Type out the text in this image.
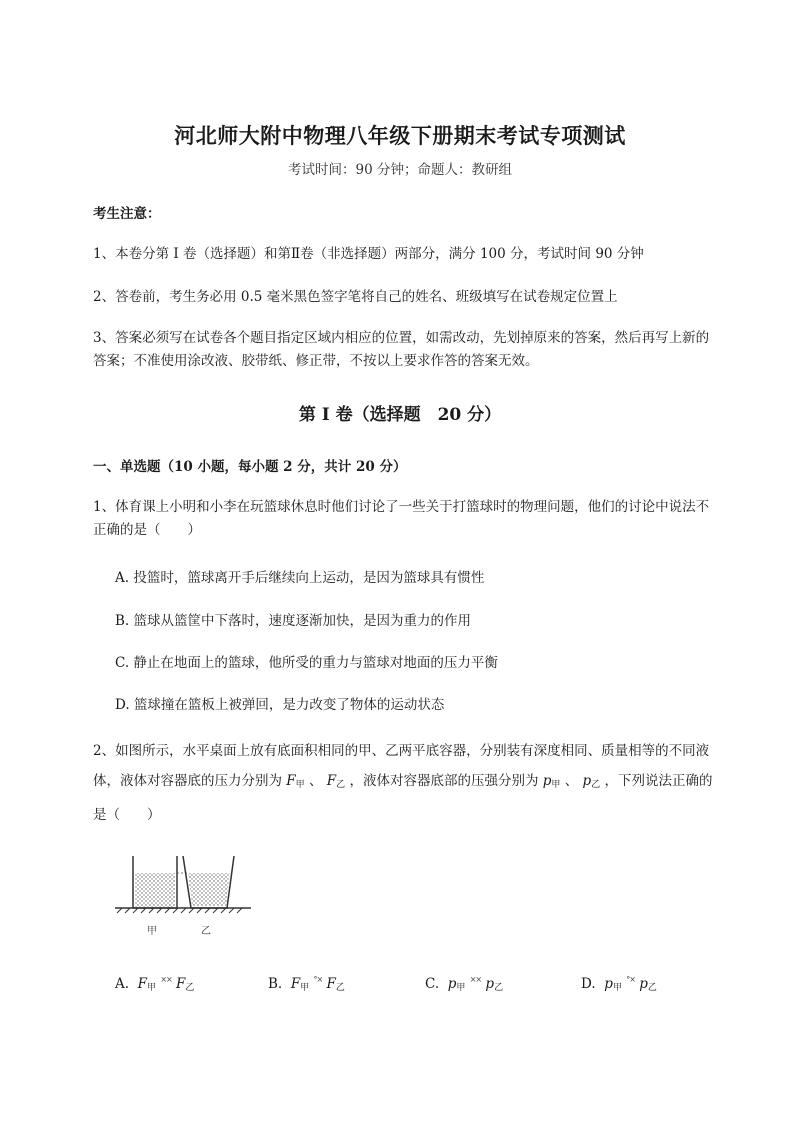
河北师大附中物理八年级下册期末考试专项测试
考试时间：90 分钟；命题人：教研组
考生注意：
1、本卷分第 I 卷（选择题）和第Ⅱ卷（非选择题）两部分，满分 100 分，考试时间 90 分钟
2、答卷前，考生务必用 0.5 毫米黑色签字笔将自己的姓名、班级填写在试卷规定位置上
3、答案必须写在试卷各个题目指定区域内相应的位置，如需改动，先划掉原来的答案，然后再写上新的答案；不准使用涂改液、胶带纸、修正带，不按以上要求作答的答案无效。
第 I 卷（选择题　20 分）
一、单选题（10 小题，每小题 2 分，共计 20 分）
1、体育课上小明和小李在玩篮球休息时他们讨论了一些关于打篮球时的物理问题，他们的讨论中说法不正确的是（　　）
A. 投篮时，篮球离开手后继续向上运动，是因为篮球具有惯性
B. 篮球从篮筐中下落时，速度逐渐加快，是因为重力的作用
C. 静止在地面上的篮球，他所受的重力与篮球对地面的压力平衡
D. 篮球撞在篮板上被弹回，是力改变了物体的运动状态
2、如图所示，水平桌面上放有底面积相同的甲、乙两平底容器，分别装有深度相同、质量相等的不同液体，液体对容器底的压力分别为 $F_甲$ 、 $F_乙$ ，液体对容器底部的压强分别为 $p_甲$ 、 $p_乙$ ，下列说法正确的是（　　）
甲	乙
A. $F_甲$ ×× $F_乙$	B. $F_甲$ °× $F_乙$	C. $p_甲$ ×× $p_乙$	D. $p_甲$ °× $p_乙$
